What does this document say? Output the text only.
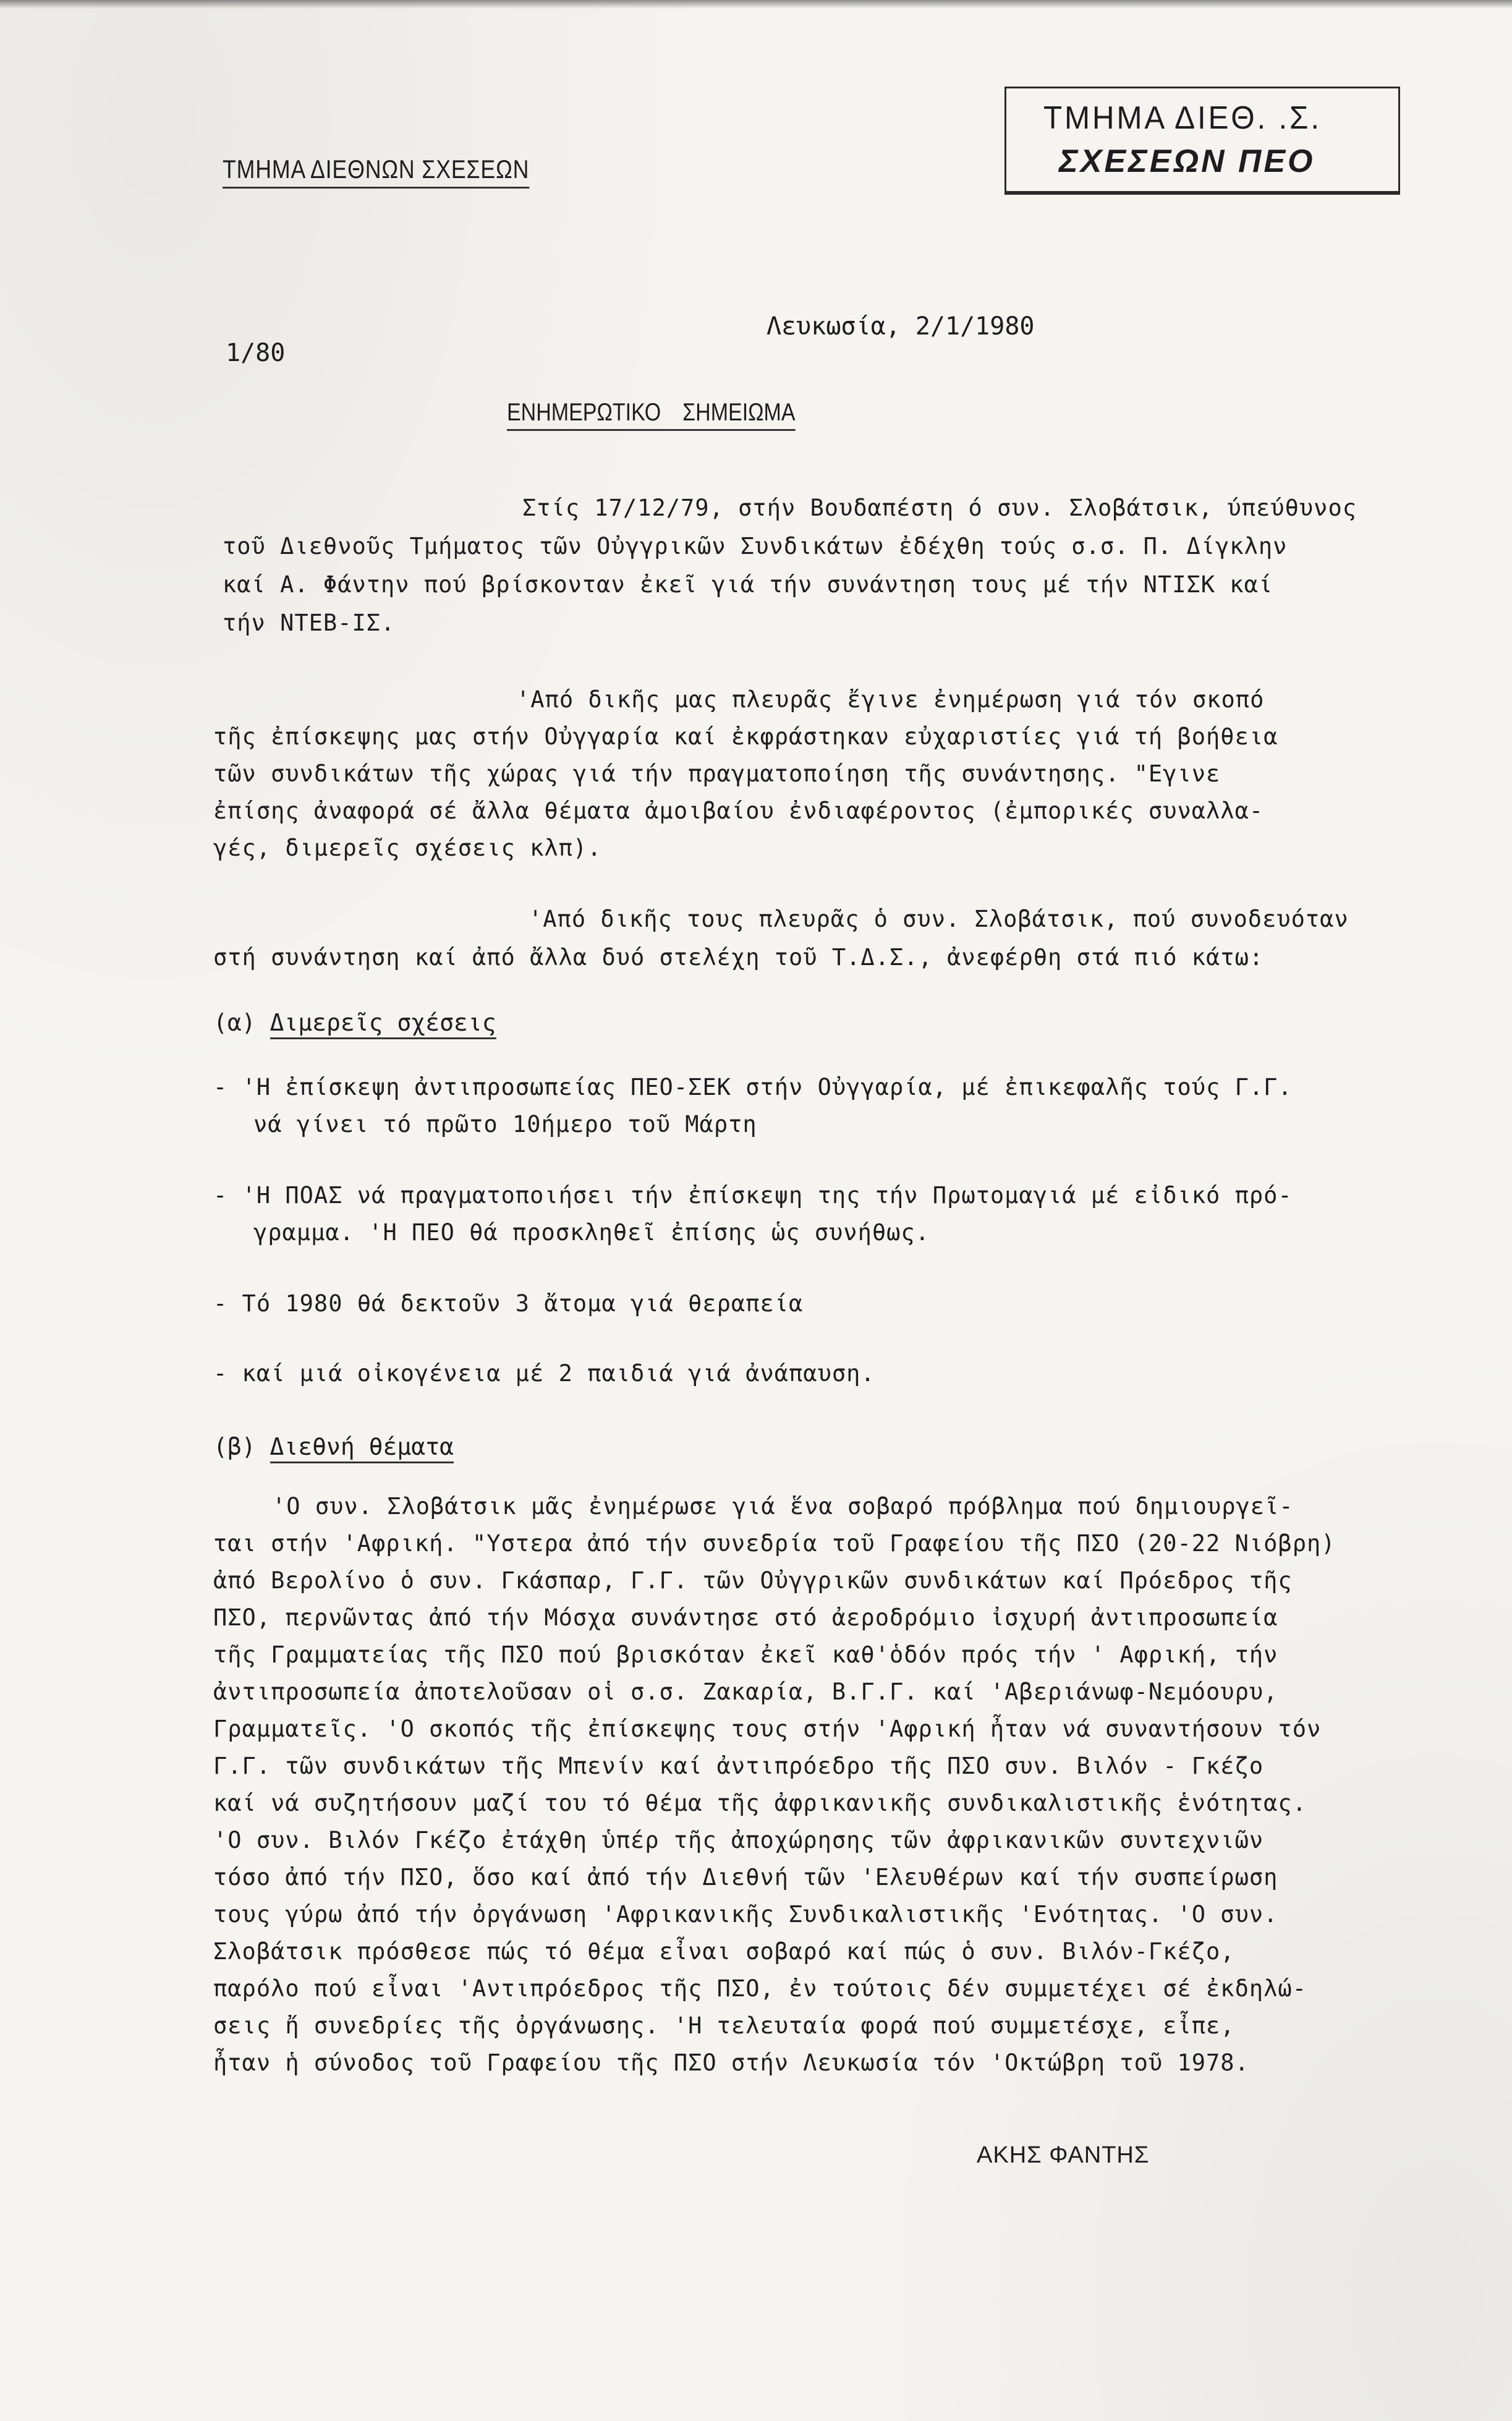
ΤΜΗΜΑ ΔΙΕΘΝΩΝ ΣΧΕΣΕΩΝ
ΤΜΗΜΑ ΔΙΕΘ. .Σ.
ΣΧΕΣΕΩΝ ΠΕΟ
Λευκωσία, 2/1/1980
1/80
ΕΝΗΜΕΡΩΤΙΚΟ ΣΗΜΕΙΩΜΑ
Στίς 17/12/79, στήν Βουδαπέστη ό συν. Σλοβάτσικ, ύπεύθυνος
τοῦ Διεθνοῦς Τμήματος τῶν Οὐγγρικῶν Συνδικάτων ἐδέχθη τούς σ.σ. Π. Δίγκλην
καί Α. Φάντην πού βρίσκονταν ἐκεῖ γιά τήν συνάντηση τους μέ τήν ΝΤΙΣΚ καί
τήν ΝΤΕΒ-ΙΣ.
'Από δικῆς μας πλευρᾶς ἔγινε ἐνημέρωση γιά τόν σκοπό
τῆς ἐπίσκεψης μας στήν Οὐγγαρία καί ἐκφράστηκαν εὐχαριστίες γιά τή βοήθεια
τῶν συνδικάτων τῆς χώρας γιά τήν πραγματοποίηση τῆς συνάντησης. "Εγινε
ἐπίσης ἀναφορά σέ ἄλλα θέματα ἀμοιβαίου ἐνδιαφέροντος (ἐμπορικές συναλλα-
γές, διμερεῖς σχέσεις κλπ).
'Από δικῆς τους πλευρᾶς ὁ συν. Σλοβάτσικ, πού συνοδευόταν
στή συνάντηση καί ἀπό ἄλλα δυό στελέχη τοῦ Τ.Δ.Σ., ἀνεφέρθη στά πιό κάτω:
(α) Διμερεῖς σχέσεις
- 'Η ἐπίσκεψη ἀντιπροσωπείας ΠΕΟ-ΣΕΚ στήν Οὐγγαρία, μέ ἐπικεφαλῆς τούς Γ.Γ.
νά γίνει τό πρῶτο 10ήμερο τοῦ Μάρτη
- 'Η ΠΟΑΣ νά πραγματοποιήσει τήν ἐπίσκεψη της τήν Πρωτομαγιά μέ εἰδικό πρό-
γραμμα. 'Η ΠΕΟ θά προσκληθεῖ ἐπίσης ὡς συνήθως.
- Τό 1980 θά δεκτοῦν 3 ἄτομα γιά θεραπεία
- καί μιά οἰκογένεια μέ 2 παιδιά γιά ἀνάπαυση.
(β) Διεθνή θέματα
'Ο συν. Σλοβάτσικ μᾶς ἐνημέρωσε γιά ἕνα σοβαρό πρόβλημα πού δημιουργεῖ-
ται στήν 'Αφρική. "Υστερα ἀπό τήν συνεδρία τοῦ Γραφείου τῆς ΠΣΟ (20-22 Νιόβρη)
ἀπό Βερολίνο ὁ συν. Γκάσπαρ, Γ.Γ. τῶν Οὐγγρικῶν συνδικάτων καί Πρόεδρος τῆς
ΠΣΟ, περνῶντας ἀπό τήν Μόσχα συνάντησε στό ἀεροδρόμιο ἰσχυρή ἀντιπροσωπεία
τῆς Γραμματείας τῆς ΠΣΟ πού βρισκόταν ἐκεῖ καθ'ὁδόν πρός τήν ' Αφρική, τήν
ἀντιπροσωπεία ἀποτελοῦσαν οἱ σ.σ. Ζακαρία, Β.Γ.Γ. καί 'Αβεριάνωφ-Νεμόουρυ,
Γραμματεῖς. 'Ο σκοπός τῆς ἐπίσκεψης τους στήν 'Αφρική ἦταν νά συναντήσουν τόν
Γ.Γ. τῶν συνδικάτων τῆς Μπενίν καί ἀντιπρόεδρο τῆς ΠΣΟ συν. Βιλόν - Γκέζο
καί νά συζητήσουν μαζί του τό θέμα τῆς ἀφρικανικῆς συνδικαλιστικῆς ἑνότητας.
'Ο συν. Βιλόν Γκέζο ἐτάχθη ὑπέρ τῆς ἀποχώρησης τῶν ἀφρικανικῶν συντεχνιῶν
τόσο ἀπό τήν ΠΣΟ, ὅσο καί ἀπό τήν Διεθνή τῶν 'Ελευθέρων καί τήν συσπείρωση
τους γύρω ἀπό τήν ὀργάνωση 'Αφρικανικῆς Συνδικαλιστικῆς 'Ενότητας. 'Ο συν.
Σλοβάτσικ πρόσθεσε πώς τό θέμα εἶναι σοβαρό καί πώς ὁ συν. Βιλόν-Γκέζο,
παρόλο πού εἶναι 'Αντιπρόεδρος τῆς ΠΣΟ, ἐν τούτοις δέν συμμετέχει σέ ἐκδηλώ-
σεις ἤ συνεδρίες τῆς ὀργάνωσης. 'Η τελευταία φορά πού συμμετέσχε, εἶπε,
ἦταν ἡ σύνοδος τοῦ Γραφείου τῆς ΠΣΟ στήν Λευκωσία τόν 'Οκτώβρη τοῦ 1978.
ΑΚΗΣ ΦΑΝΤΗΣ
